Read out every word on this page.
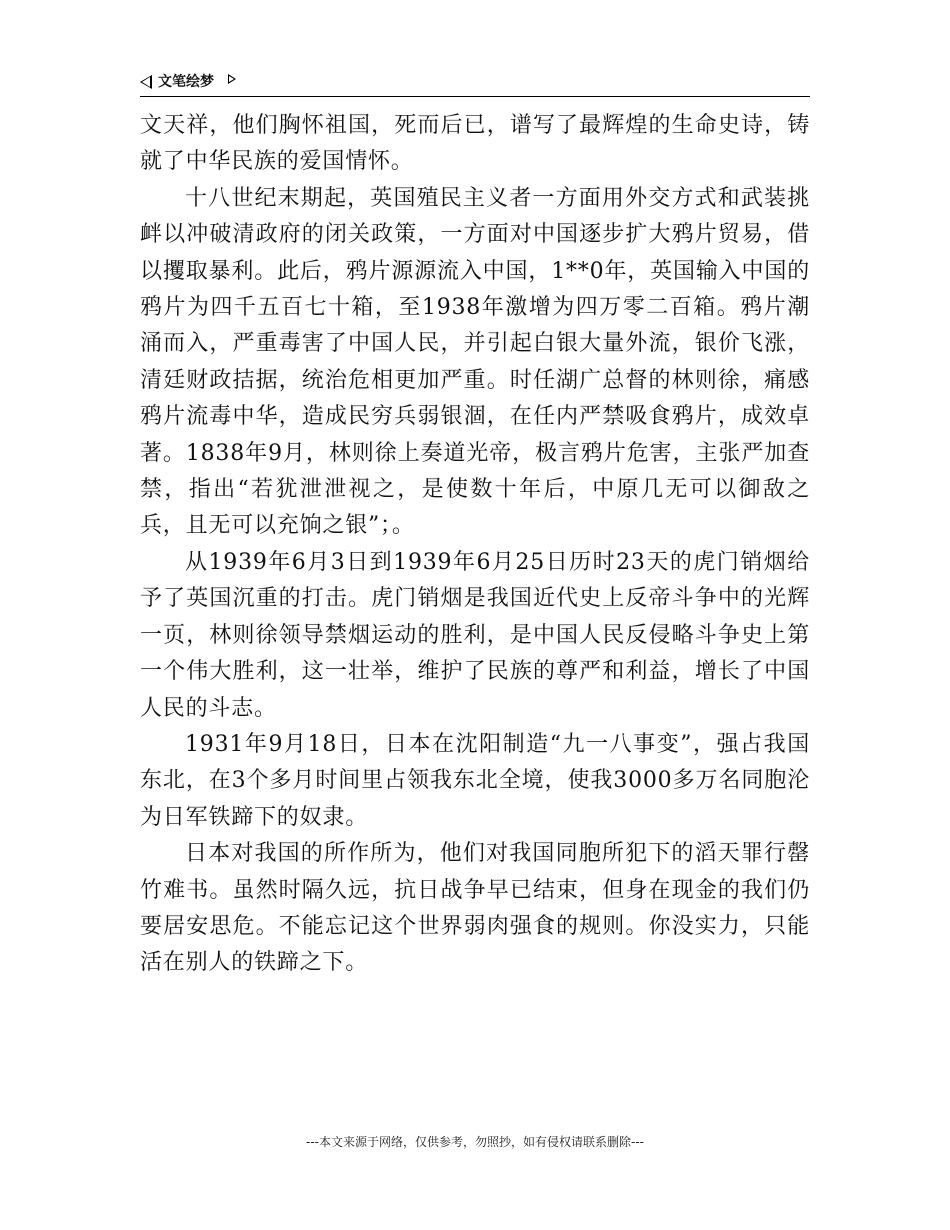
文笔绘梦

文天祥，他们胸怀祖国，死而后已，谱写了最辉煌的生命史诗，铸就了中华民族的爱国情怀。

十八世纪末期起，英国殖民主义者一方面用外交方式和武装挑衅以冲破清政府的闭关政策，一方面对中国逐步扩大鸦片贸易，借以攫取暴利。此后，鸦片源源流入中国，1**0年，英国输入中国的鸦片为四千五百七十箱，至1938年激增为四万零二百箱。鸦片潮涌而入，严重毒害了中国人民，并引起白银大量外流，银价飞涨，清廷财政拮据，统治危相更加严重。时任湖广总督的林则徐，痛感鸦片流毒中华，造成民穷兵弱银涸，在任内严禁吸食鸦片，成效卓著。1838年9月，林则徐上奏道光帝，极言鸦片危害，主张严加查禁，指出“若犹泄泄视之，是使数十年后，中原几无可以御敌之兵，且无可以充饷之银”；。

从1939年6月3日到1939年6月25日历时23天的虎门销烟给予了英国沉重的打击。虎门销烟是我国近代史上反帝斗争中的光辉一页，林则徐领导禁烟运动的胜利，是中国人民反侵略斗争史上第一个伟大胜利，这一壮举，维护了民族的尊严和利益，增长了中国人民的斗志。

1931年9月18日，日本在沈阳制造“九一八事变”，强占我国东北，在3个多月时间里占领我东北全境，使我3000多万名同胞沦为日军铁蹄下的奴隶。

日本对我国的所作所为，他们对我国同胞所犯下的滔天罪行罄竹难书。虽然时隔久远，抗日战争早已结束，但身在现金的我们仍要居安思危。不能忘记这个世界弱肉强食的规则。你没实力，只能活在别人的铁蹄之下。

---本文来源于网络，仅供参考，勿照抄，如有侵权请联系删除---
